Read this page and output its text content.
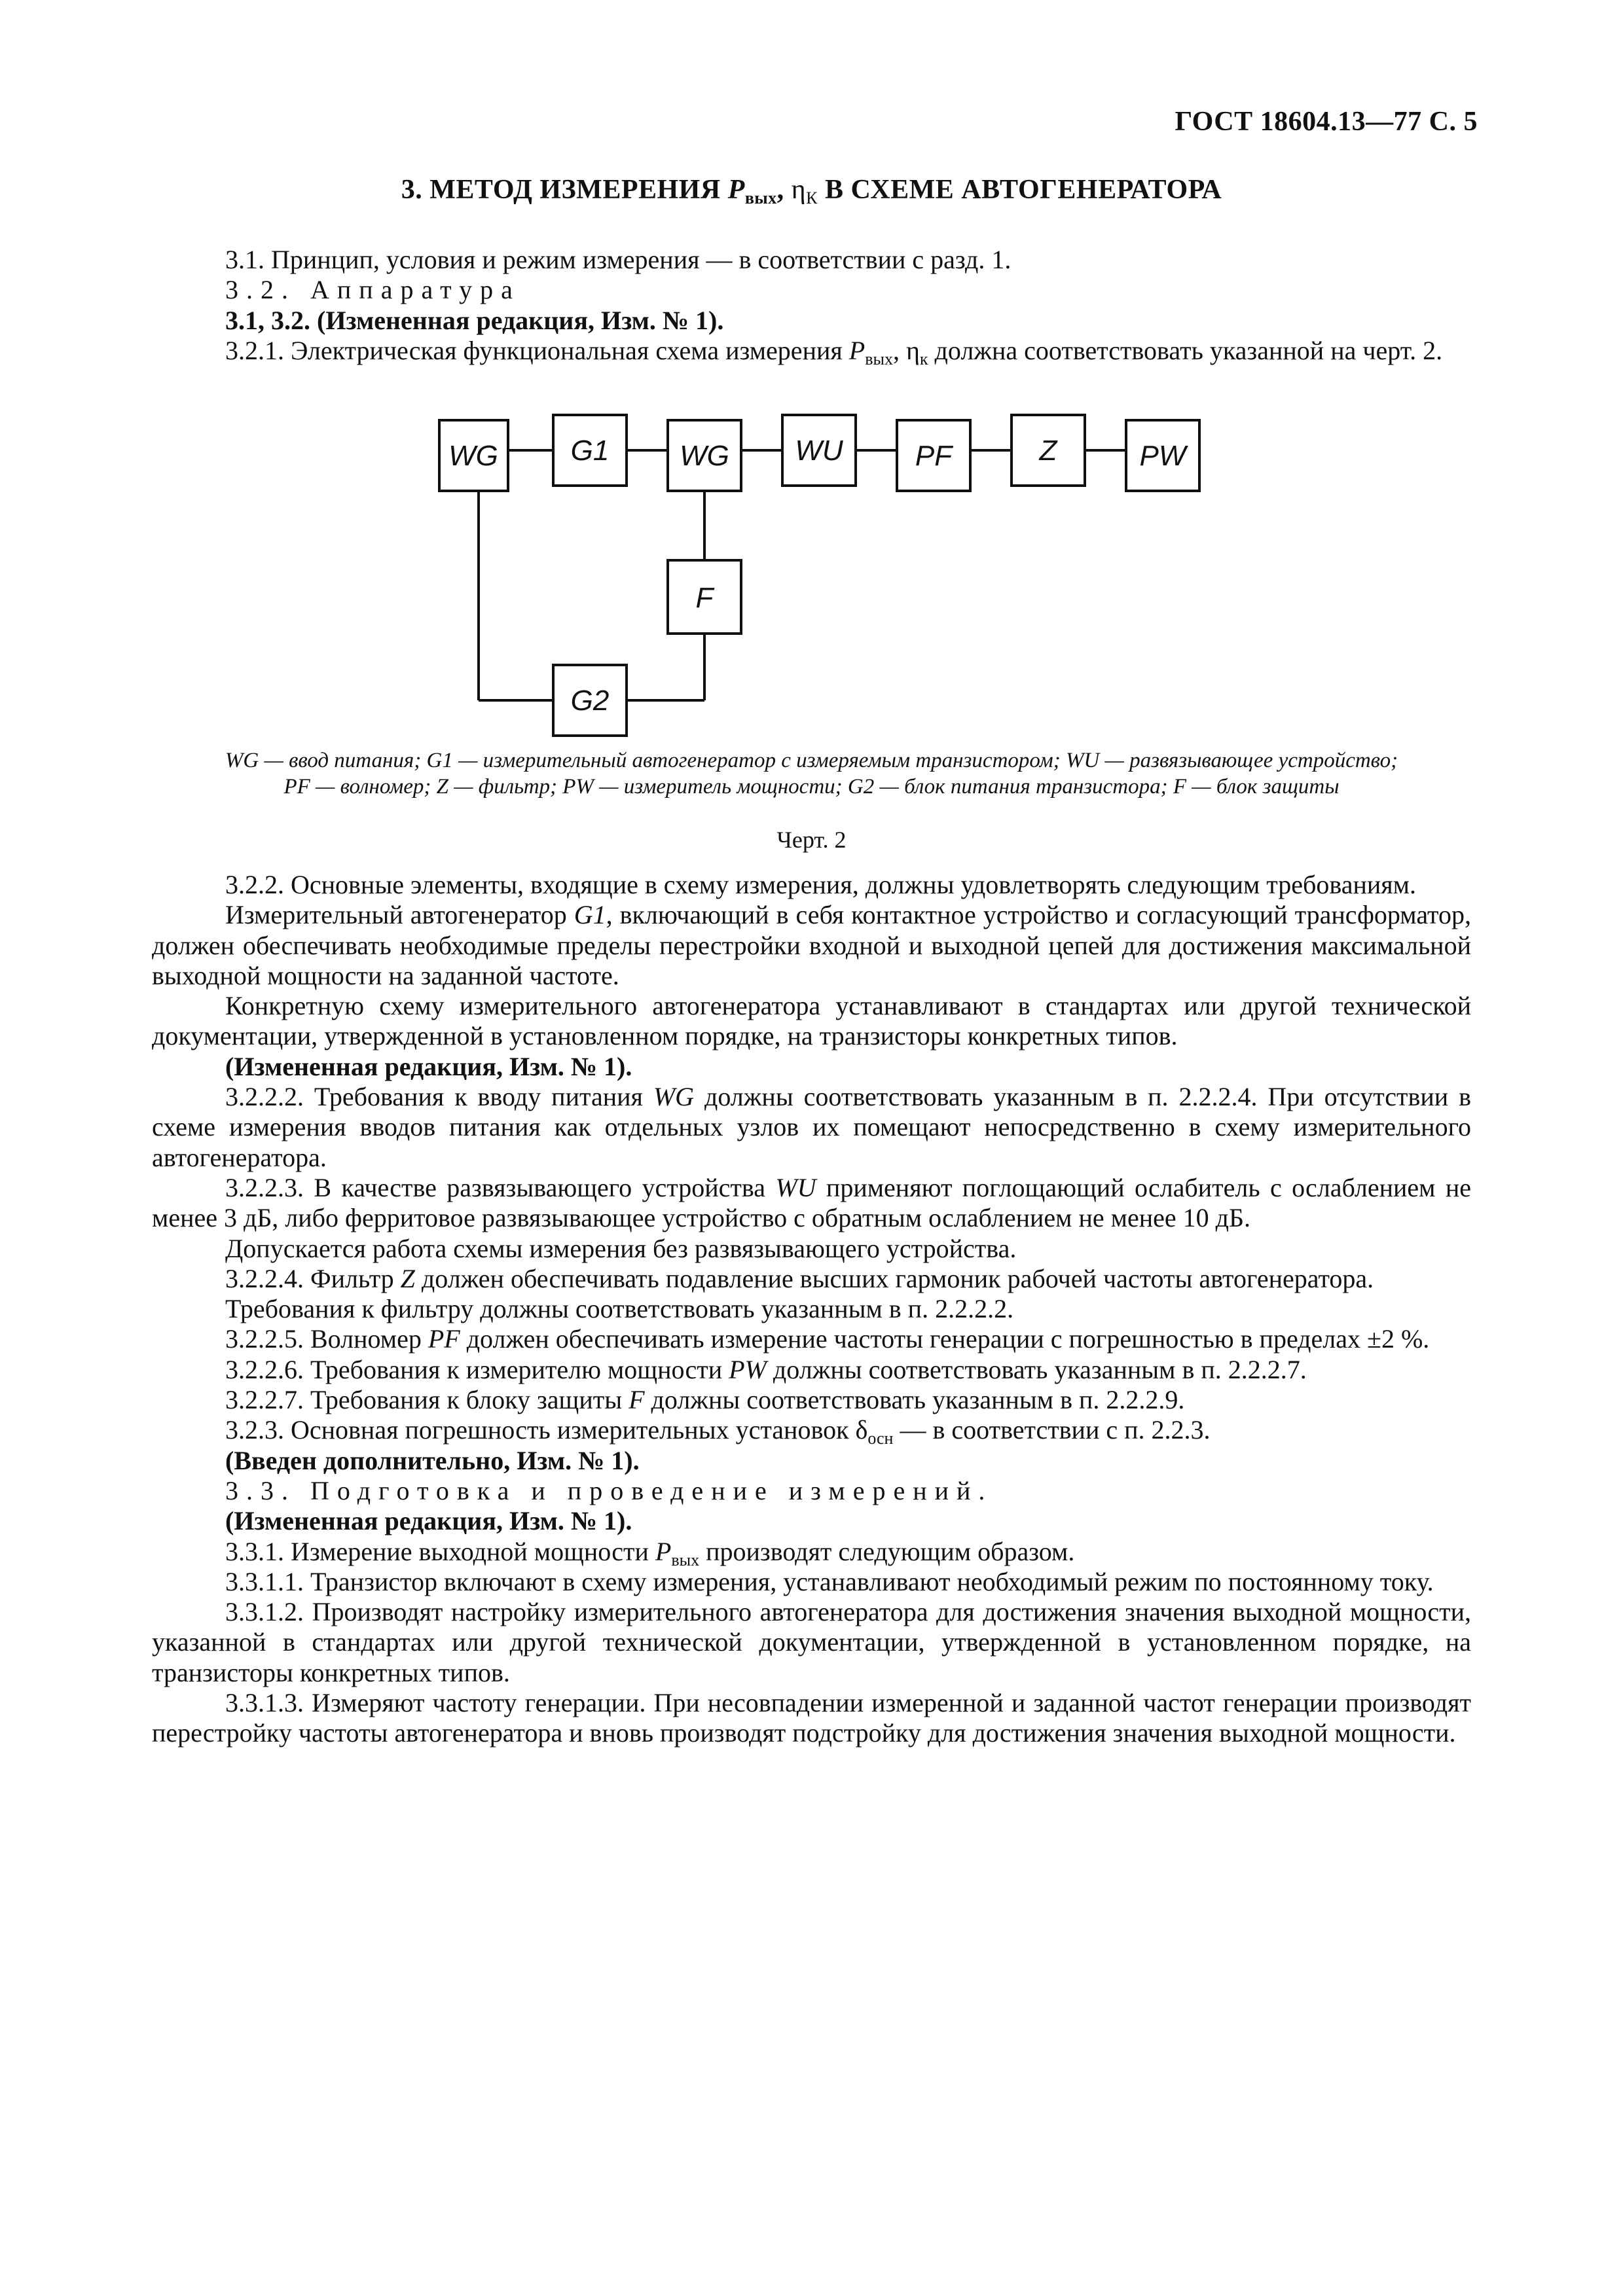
ГОСТ 18604.13—77 С. 5
3. МЕТОД ИЗМЕРЕНИЯ $P_{вых}$, $\eta_К$ В СХЕМЕ АВТОГЕНЕРАТОРА

3.1. Принцип, условия и режим измерения — в соответствии с разд. 1.

3.2. Аппаратура

3.1, 3.2. (Измененная редакция, Изм. № 1).

3.2.1. Электрическая функциональная схема измерения $P_{вых}$, $\eta_к$ должна соответствовать указанной на черт. 2.

WG	G1 WG WU	PF	Z	PW
F
G2
WG — ввод питания; G1 — измерительный автогенератор с измеряемым транзистором; WU — развязывающее устройство;
PF — волномер; Z — фильтр; PW — измеритель мощности; G2 — блок питания транзистора; F — блок защиты
Черт. 2

3.2.2. Основные элементы, входящие в схему измерения, должны удовлетворять следующим требованиям.

Измерительный автогенератор G1, включающий в себя контактное устройство и согласующий трансформатор, должен обеспечивать необходимые пределы перестройки входной и выходной цепей для достижения максимальной выходной мощности на заданной частоте.

Конкретную схему измерительного автогенератора устанавливают в стандартах или другой технической документации, утвержденной в установленном порядке, на транзисторы конкретных типов.

(Измененная редакция, Изм. № 1).

3.2.2.2. Требования к вводу питания WG должны соответствовать указанным в п. 2.2.2.4. При отсутствии в схеме измерения вводов питания как отдельных узлов их помещают непосредственно в схему измерительного автогенератора.

3.2.2.3. В качестве развязывающего устройства WU применяют поглощающий ослабитель с ослаблением не менее 3 дБ, либо ферритовое развязывающее устройство с обратным ослаблением не менее 10 дБ.

Допускается работа схемы измерения без развязывающего устройства.

3.2.2.4. Фильтр Z должен обеспечивать подавление высших гармоник рабочей частоты автогенератора.

Требования к фильтру должны соответствовать указанным в п. 2.2.2.2.

3.2.2.5. Волномер PF должен обеспечивать измерение частоты генерации с погрешностью в пределах ±2 %.

3.2.2.6. Требования к измерителю мощности PW должны соответствовать указанным в п. 2.2.2.7.

3.2.2.7. Требования к блоку защиты F должны соответствовать указанным в п. 2.2.2.9.

3.2.3. Основная погрешность измерительных установок $\delta_{осн}$ — в соответствии с п. 2.2.3.

(Введен дополнительно, Изм. № 1).

3.3. Подготовка и проведение измерений.

(Измененная редакция, Изм. № 1).

3.3.1. Измерение выходной мощности $P_{вых}$ производят следующим образом.

3.3.1.1. Транзистор включают в схему измерения, устанавливают необходимый режим по постоянному току.

3.3.1.2. Производят настройку измерительного автогенератора для достижения значения выходной мощности, указанной в стандартах или другой технической документации, утвержденной в установленном порядке, на транзисторы конкретных типов.

3.3.1.3. Измеряют частоту генерации. При несовпадении измеренной и заданной частот генерации производят перестройку частоты автогенератора и вновь производят подстройку для достижения значения выходной мощности.
